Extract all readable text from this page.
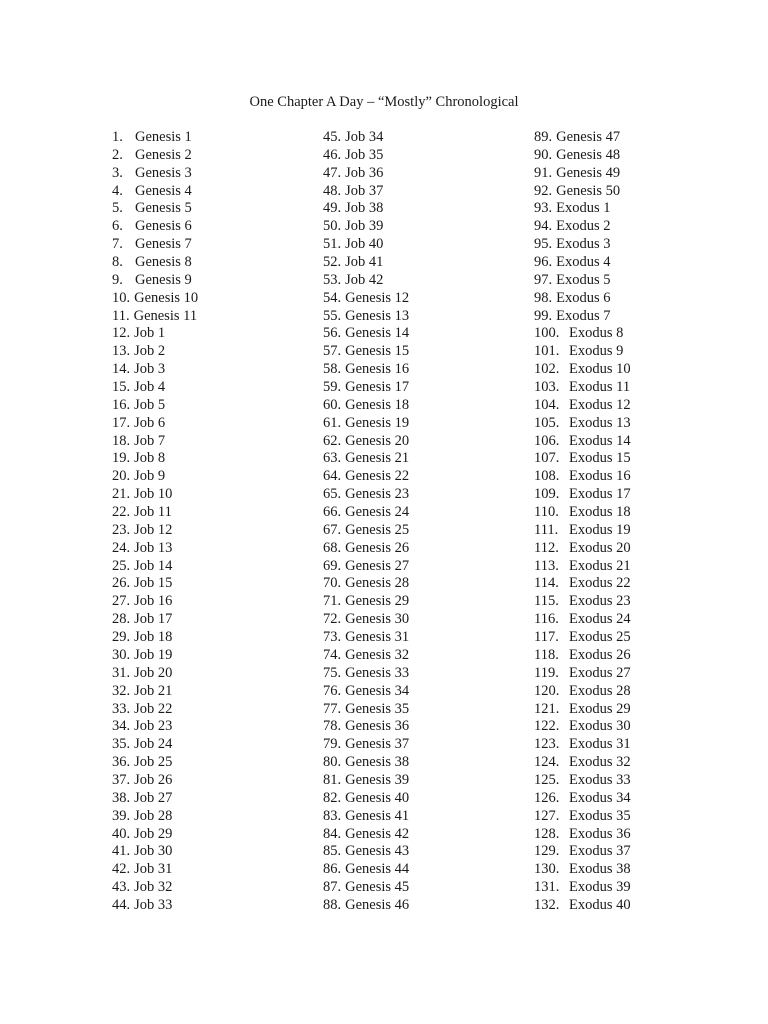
One Chapter A Day – “Mostly” Chronological
1. Genesis 1
2. Genesis 2
3. Genesis 3
4. Genesis 4
5. Genesis 5
6. Genesis 6
7. Genesis 7
8. Genesis 8
9. Genesis 9
10. Genesis 10
11. Genesis 11
12. Job 1
13. Job 2
14. Job 3
15. Job 4
16. Job 5
17. Job 6
18. Job 7
19. Job 8
20. Job 9
21. Job 10
22. Job 11
23. Job 12
24. Job 13
25. Job 14
26. Job 15
27. Job 16
28. Job 17
29. Job 18
30. Job 19
31. Job 20
32. Job 21
33. Job 22
34. Job 23
35. Job 24
36. Job 25
37. Job 26
38. Job 27
39. Job 28
40. Job 29
41. Job 30
42. Job 31
43. Job 32
44. Job 33
45. Job 34
46. Job 35
47. Job 36
48. Job 37
49. Job 38
50. Job 39
51. Job 40
52. Job 41
53. Job 42
54. Genesis 12
55. Genesis 13
56. Genesis 14
57. Genesis 15
58. Genesis 16
59. Genesis 17
60. Genesis 18
61. Genesis 19
62. Genesis 20
63. Genesis 21
64. Genesis 22
65. Genesis 23
66. Genesis 24
67. Genesis 25
68. Genesis 26
69. Genesis 27
70. Genesis 28
71. Genesis 29
72. Genesis 30
73. Genesis 31
74. Genesis 32
75. Genesis 33
76. Genesis 34
77. Genesis 35
78. Genesis 36
79. Genesis 37
80. Genesis 38
81. Genesis 39
82. Genesis 40
83. Genesis 41
84. Genesis 42
85. Genesis 43
86. Genesis 44
87. Genesis 45
88. Genesis 46
89. Genesis 47
90. Genesis 48
91. Genesis 49
92. Genesis 50
93. Exodus 1
94. Exodus 2
95. Exodus 3
96. Exodus 4
97. Exodus 5
98. Exodus 6
99. Exodus 7
100. Exodus 8
101. Exodus 9
102. Exodus 10
103. Exodus 11
104. Exodus 12
105. Exodus 13
106. Exodus 14
107. Exodus 15
108. Exodus 16
109. Exodus 17
110. Exodus 18
111. Exodus 19
112. Exodus 20
113. Exodus 21
114. Exodus 22
115. Exodus 23
116. Exodus 24
117. Exodus 25
118. Exodus 26
119. Exodus 27
120. Exodus 28
121. Exodus 29
122. Exodus 30
123. Exodus 31
124. Exodus 32
125. Exodus 33
126. Exodus 34
127. Exodus 35
128. Exodus 36
129. Exodus 37
130. Exodus 38
131. Exodus 39
132. Exodus 40
